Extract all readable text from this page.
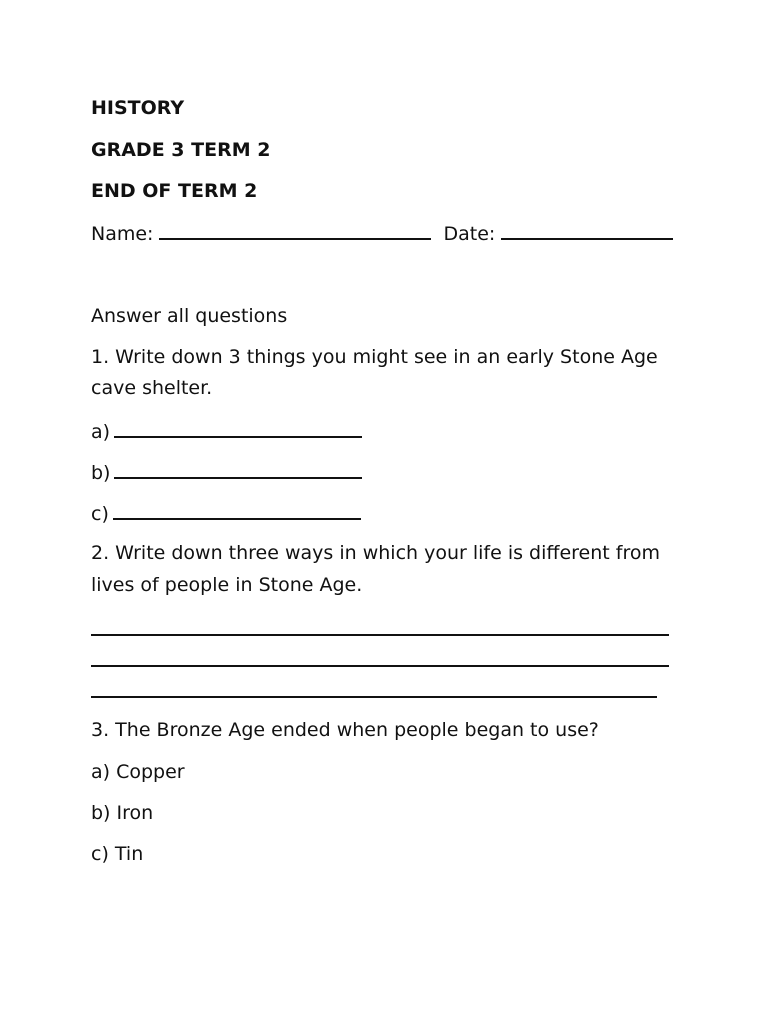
HISTORY
GRADE 3 TERM 2
END OF TERM 2
Name:	Date:
Answer all questions
1. Write down 3 things you might see in an early Stone Age
cave shelter.
a)
b)
c)
2. Write down three ways in which your life is different from
lives of people in Stone Age.
3. The Bronze Age ended when people began to use?
a) Copper
b) Iron
c) Tin
